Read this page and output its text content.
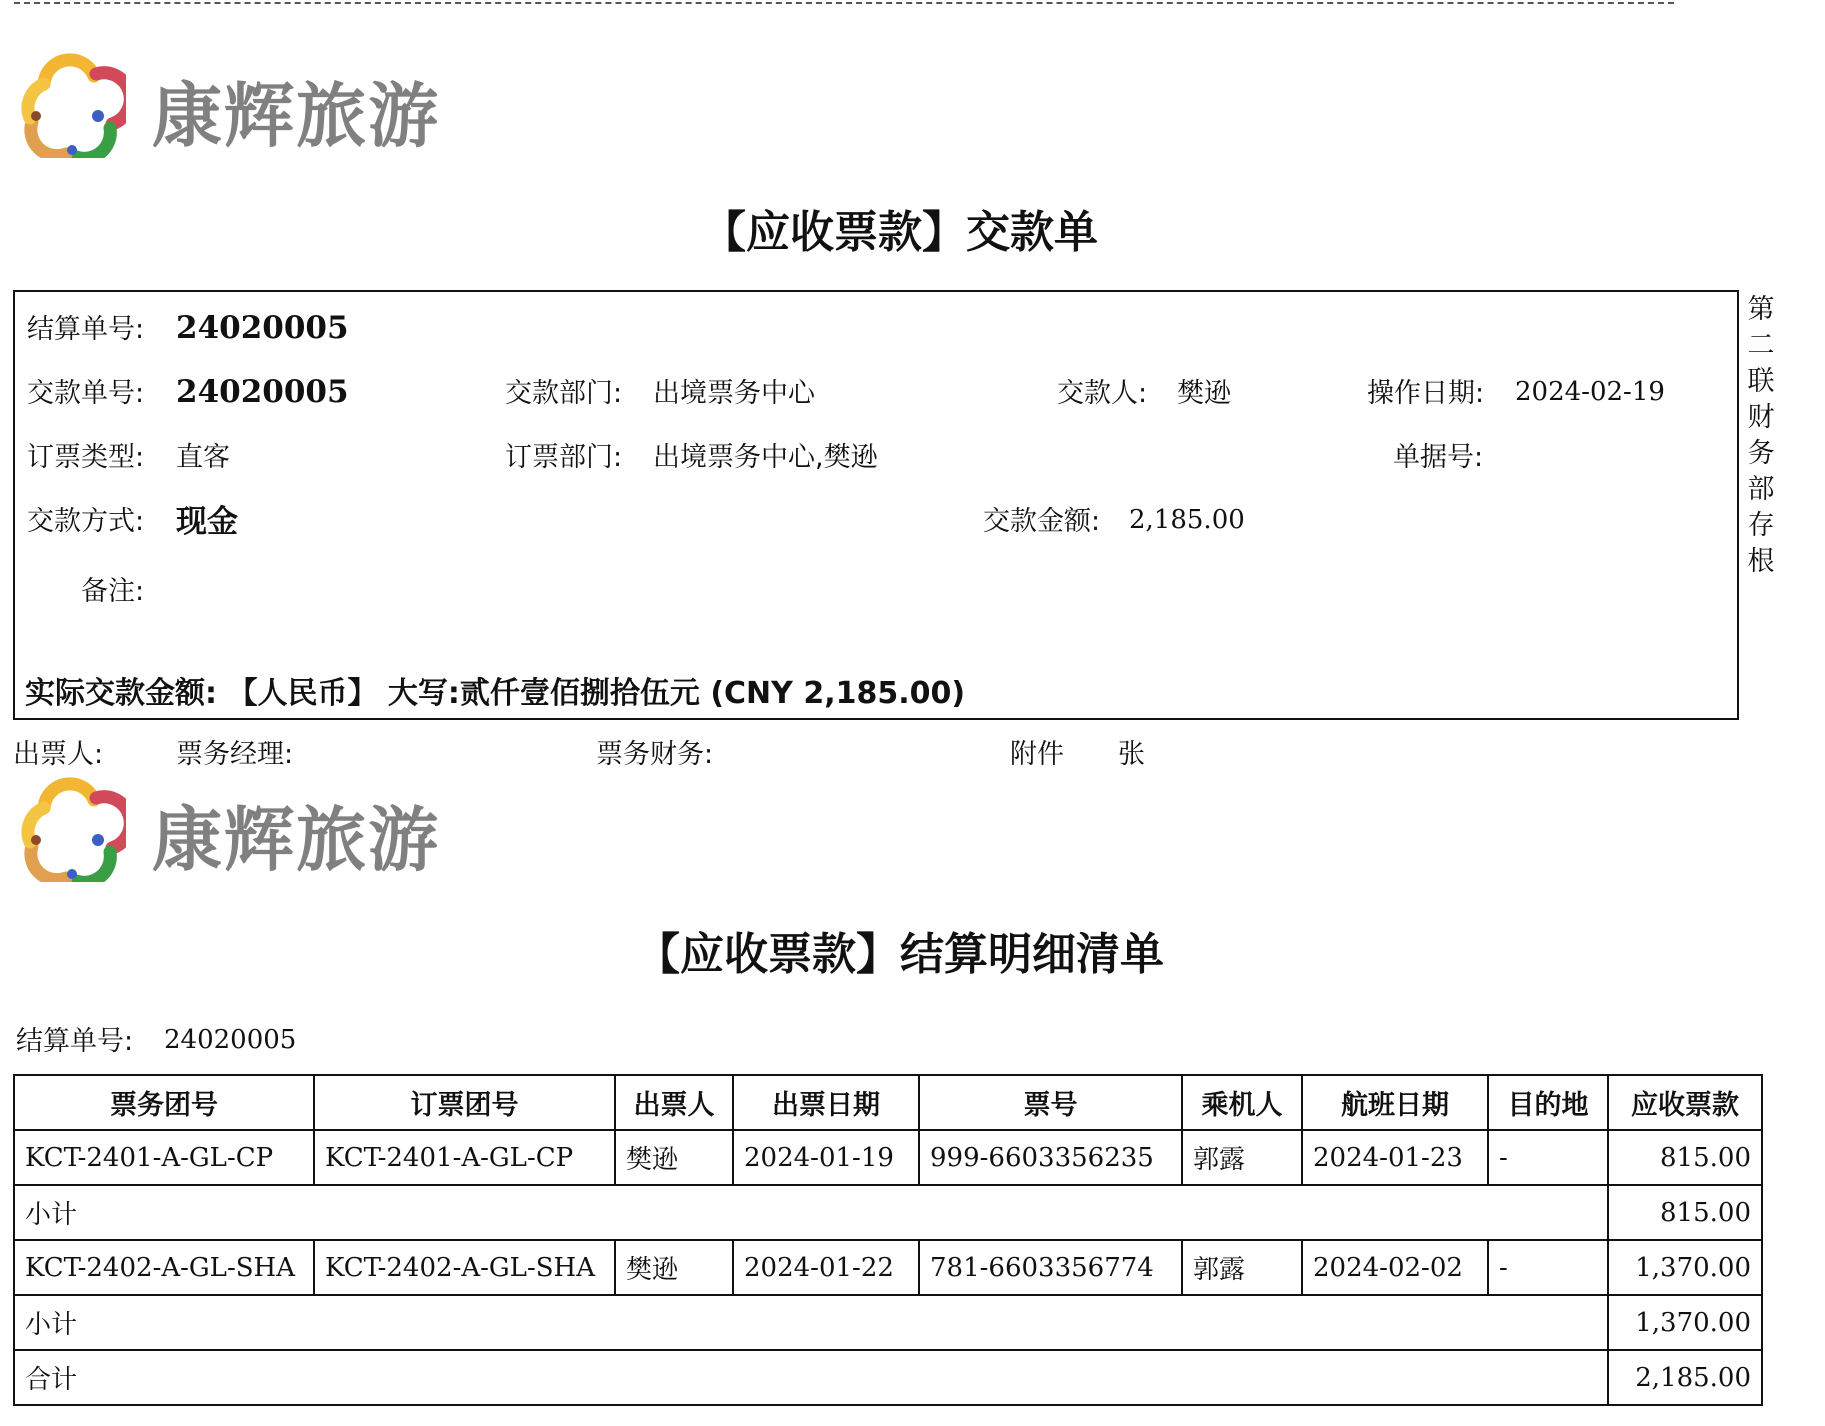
康辉旅游
【应收票款】交款单
结算单号: 24020005
交款单号: 24020005	交款部门: 出境票务中心	交款人: 樊逊	操作日期: 2024-02-19
订票类型: 直客	订票部门: 出境票务中心,樊逊	单据号:
交款方式: 现金	交款金额: 2,185.00
备注:
实际交款金额: 【人民币】 大写:贰仟壹佰捌拾伍元 (CNY 2,185.00)
第
二
联
财
务
部
存
根
出票人:	票务经理:	票务财务:	附件 张
康辉旅游
【应收票款】结算明细清单
结算单号: 24020005
票务团号	订票团号	出票人	出票日期	票号	乘机人	航班日期	目的地	应收票款
KCT-2401-A-GL-CP	KCT-2401-A-GL-CP	樊逊	2024-01-19	999-6603356235	郭露	2024-01-23	-	815.00
小计								815.00
KCT-2402-A-GL-SHA	KCT-2402-A-GL-SHA	樊逊	2024-01-22	781-6603356774	郭露	2024-02-02	-	1,370.00
小计								1,370.00
合计								2,185.00
